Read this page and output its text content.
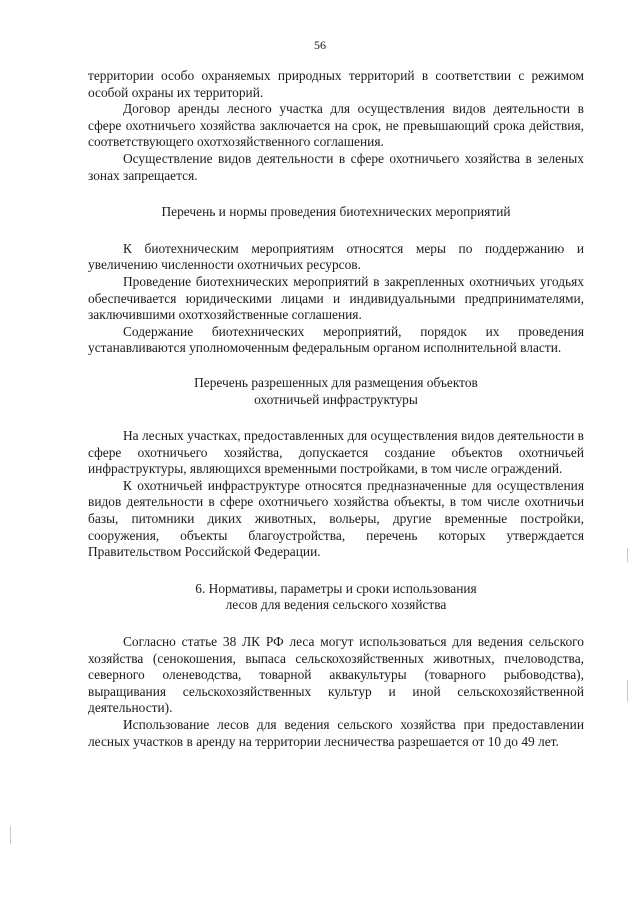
56

территории особо охраняемых природных территорий в соответствии с режимом особой охраны их территорий.

Договор аренды лесного участка для осуществления видов деятельности в сфере охотничьего хозяйства заключается на срок, не превышающий срока действия, соответствующего охотхозяйственного соглашения.

Осуществление видов деятельности в сфере охотничьего хозяйства в зеленых зонах запрещается.

Перечень и нормы проведения биотехнических мероприятий

К биотехническим мероприятиям относятся меры по поддержанию и увеличению численности охотничьих ресурсов.

Проведение биотехнических мероприятий в закрепленных охотничьих угодьях обеспечивается юридическими лицами и индивидуальными предпринимателями, заключившими охотхозяйственные соглашения.

Содержание биотехнических мероприятий, порядок их проведения устанавливаются уполномоченным федеральным органом исполнительной власти.

Перечень разрешенных для размещения объектов
охотничьей инфраструктуры

На лесных участках, предоставленных для осуществления видов деятельности в сфере охотничьего хозяйства, допускается создание объектов охотничьей инфраструктуры, являющихся временными постройками, в том числе ограждений.

К охотничьей инфраструктуре относятся предназначенные для осуществления видов деятельности в сфере охотничьего хозяйства объекты, в том числе охотничьи базы, питомники диких животных, вольеры, другие временные постройки, сооружения, объекты благоустройства, перечень которых утверждается Правительством Российской Федерации.

6. Нормативы, параметры и сроки использования
лесов для ведения сельского хозяйства

Согласно статье 38 ЛК РФ леса могут использоваться для ведения сельского хозяйства (сенокошения, выпаса сельскохозяйственных животных, пчеловодства, северного оленеводства, товарной аквакультуры (товарного рыбоводства), выращивания сельскохозяйственных культур и иной сельскохозяйственной деятельности).

Использование лесов для ведения сельского хозяйства при предоставлении лесных участков в аренду на территории лесничества разрешается от 10 до 49 лет.
